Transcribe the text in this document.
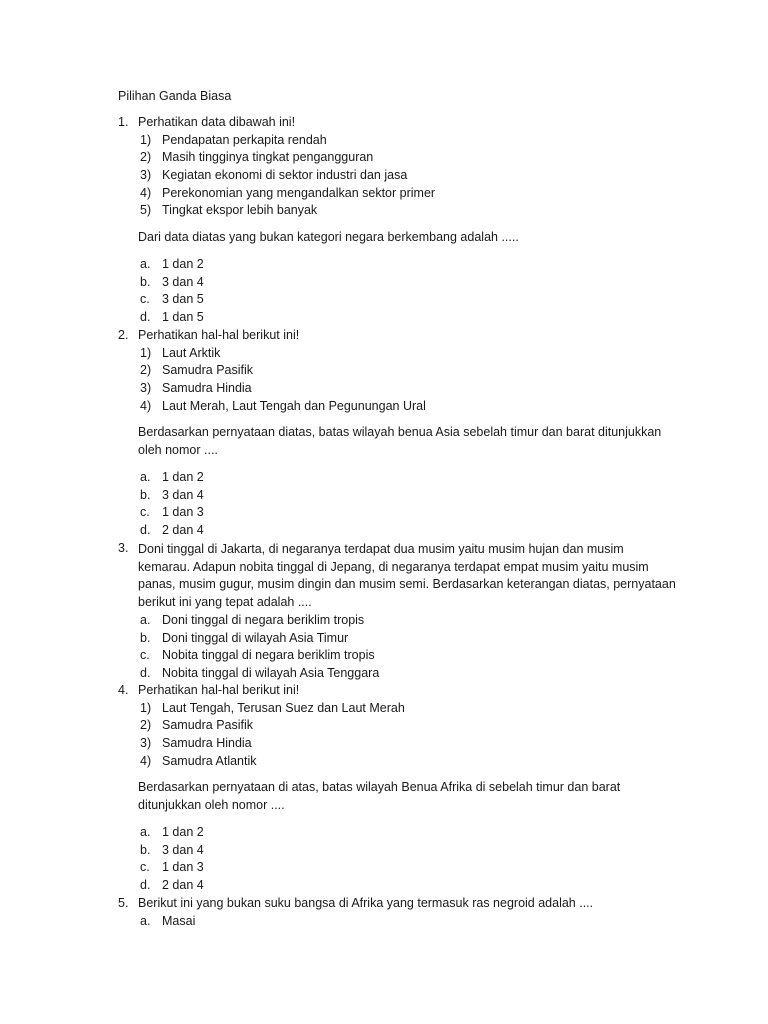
Pilihan Ganda Biasa
1. Perhatikan data dibawah ini!
1) Pendapatan perkapita rendah
2) Masih tingginya tingkat pengangguran
3) Kegiatan ekonomi di sektor industri dan jasa
4) Perekonomian yang mengandalkan sektor primer
5) Tingkat ekspor lebih banyak
Dari data diatas yang bukan kategori negara berkembang adalah .....
a. 1 dan 2
b. 3 dan 4
c. 3 dan 5
d. 1 dan 5
2. Perhatikan hal-hal berikut ini!
1) Laut Arktik
2) Samudra Pasifik
3) Samudra Hindia
4) Laut Merah, Laut Tengah dan Pegunungan Ural
Berdasarkan pernyataan diatas, batas wilayah benua Asia sebelah timur dan barat ditunjukkan oleh nomor ....
a. 1 dan 2
b. 3 dan 4
c. 1 dan 3
d. 2 dan 4
3. Doni tinggal di Jakarta, di negaranya terdapat dua musim yaitu musim hujan dan musim kemarau. Adapun nobita tinggal di Jepang, di negaranya terdapat empat musim yaitu musim panas, musim gugur, musim dingin dan musim semi. Berdasarkan keterangan diatas, pernyataan berikut ini yang tepat adalah ....
a. Doni tinggal di negara beriklim tropis
b. Doni tinggal di wilayah Asia Timur
c. Nobita tinggal di negara beriklim tropis
d. Nobita tinggal di wilayah Asia Tenggara
4. Perhatikan hal-hal berikut ini!
1) Laut Tengah, Terusan Suez dan Laut Merah
2) Samudra Pasifik
3) Samudra Hindia
4) Samudra Atlantik
Berdasarkan pernyataan di atas, batas wilayah Benua Afrika di sebelah timur dan barat ditunjukkan oleh nomor ....
a. 1 dan 2
b. 3 dan 4
c. 1 dan 3
d. 2 dan 4
5. Berikut ini yang bukan suku bangsa di Afrika yang termasuk ras negroid adalah ....
a. Masai
